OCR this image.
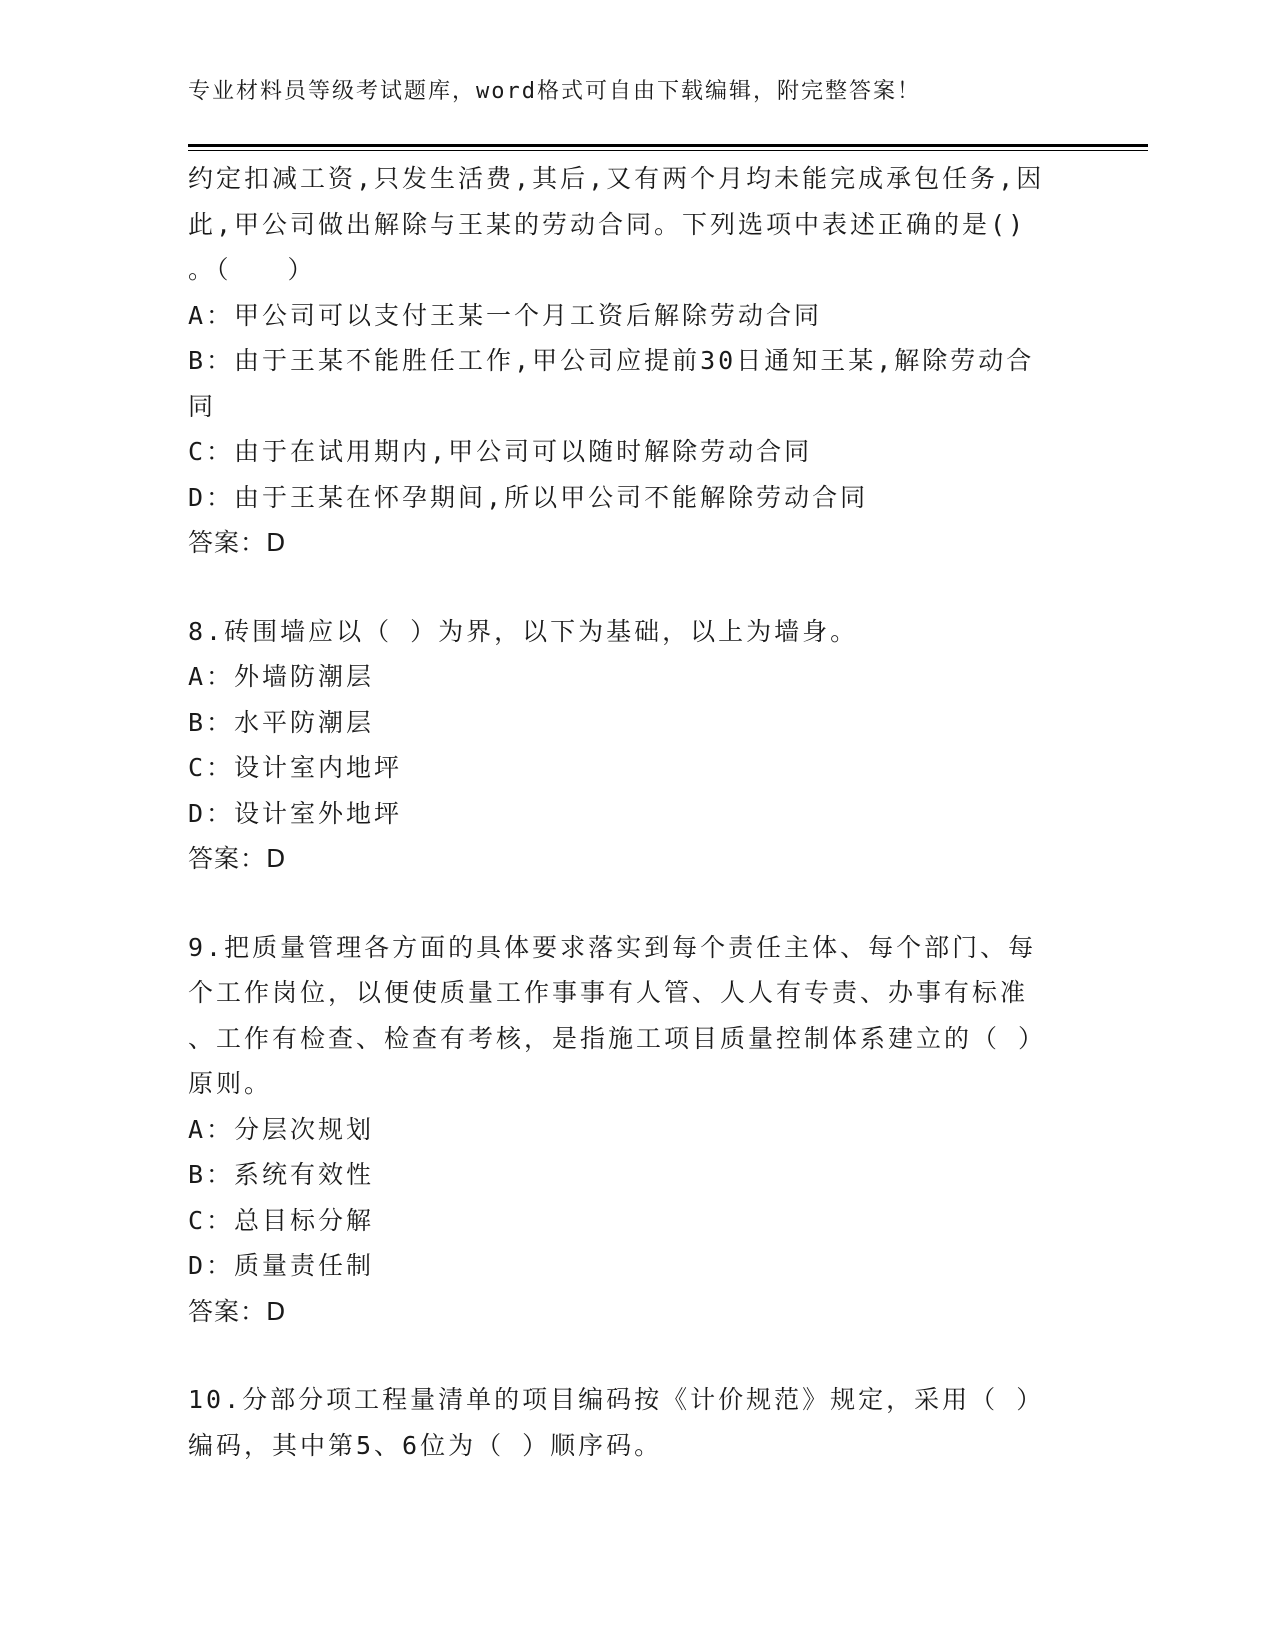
专业材料员等级考试题库，word格式可自由下载编辑，附完整答案！
约定扣减工资,只发生活费,其后,又有两个月均未能完成承包任务,因
此,甲公司做出解除与王某的劳动合同。下列选项中表述正确的是()
。（　　）
A：甲公司可以支付王某一个月工资后解除劳动合同
B：由于王某不能胜任工作,甲公司应提前30日通知王某,解除劳动合
同
C：由于在试用期内,甲公司可以随时解除劳动合同
D：由于王某在怀孕期间,所以甲公司不能解除劳动合同
答案：D
8.砖围墙应以（ ）为界，以下为基础，以上为墙身。
A：外墙防潮层
B：水平防潮层
C：设计室内地坪
D：设计室外地坪
答案：D
9.把质量管理各方面的具体要求落实到每个责任主体、每个部门、每
个工作岗位，以便使质量工作事事有人管、人人有专责、办事有标准
、工作有检查、检查有考核，是指施工项目质量控制体系建立的（ ）
原则。
A：分层次规划
B：系统有效性
C：总目标分解
D：质量责任制
答案：D
10.分部分项工程量清单的项目编码按《计价规范》规定，采用（ ）
编码，其中第5、6位为（ ）顺序码。
